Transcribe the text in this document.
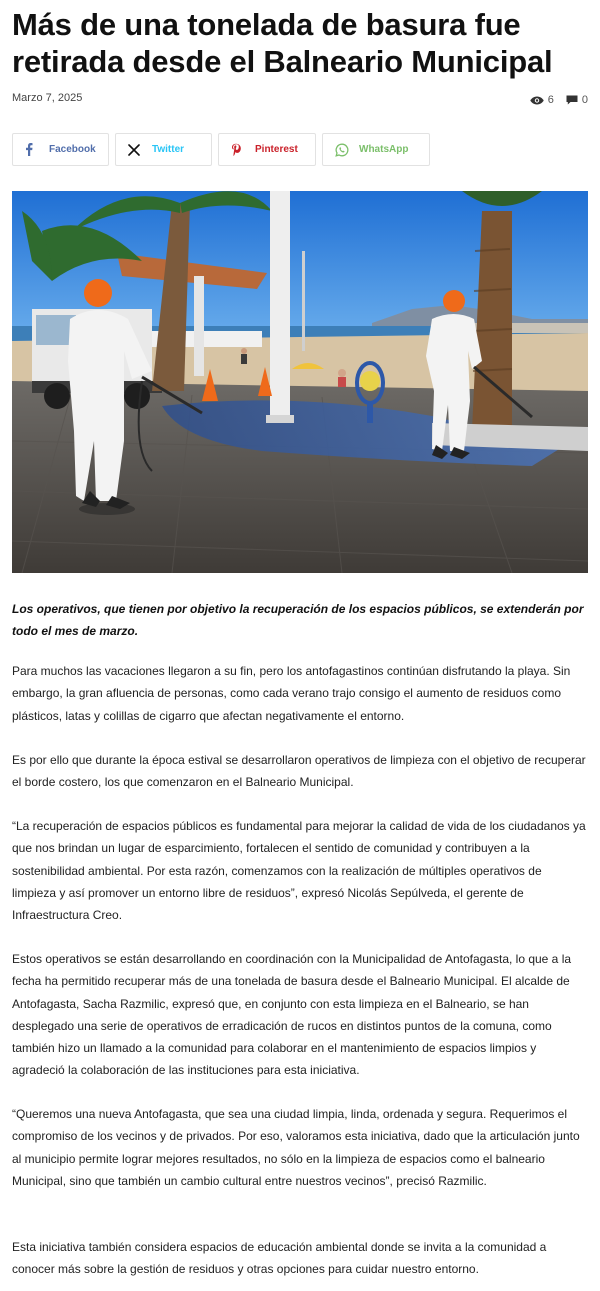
Más de una tonelada de basura fue retirada desde el Balneario Municipal
Marzo 7, 2025	6	0
Facebook	Twitter	Pinterest	WhatsApp

Los operativos, que tienen por objetivo la recuperación de los espacios públicos, se extenderán por todo el mes de marzo.

Para muchos las vacaciones llegaron a su fin, pero los antofagastinos continúan disfrutando la playa. Sin embargo, la gran afluencia de personas, como cada verano trajo consigo el aumento de residuos como plásticos, latas y colillas de cigarro que afectan negativamente el entorno.

Es por ello que durante la época estival se desarrollaron operativos de limpieza con el objetivo de recuperar el borde costero, los que comenzaron en el Balneario Municipal.

“La recuperación de espacios públicos es fundamental para mejorar la calidad de vida de los ciudadanos ya que nos brindan un lugar de esparcimiento, fortalecen el sentido de comunidad y contribuyen a la sostenibilidad ambiental. Por esta razón, comenzamos con la realización de múltiples operativos de limpieza y así promover un entorno libre de residuos”, expresó Nicolás Sepúlveda, el gerente de Infraestructura Creo.

Estos operativos se están desarrollando en coordinación con la Municipalidad de Antofagasta, lo que a la fecha ha permitido recuperar más de una tonelada de basura desde el Balneario Municipal. El alcalde de Antofagasta, Sacha Razmilic, expresó que, en conjunto con esta limpieza en el Balneario, se han desplegado una serie de operativos de erradicación de rucos en distintos puntos de la comuna, como también hizo un llamado a la comunidad para colaborar en el mantenimiento de espacios limpios y agradeció la colaboración de las instituciones para esta iniciativa.

“Queremos una nueva Antofagasta, que sea una ciudad limpia, linda, ordenada y segura. Requerimos el compromiso de los vecinos y de privados. Por eso, valoramos esta iniciativa, dado que la articulación junto al municipio permite lograr mejores resultados, no sólo en la limpieza de espacios como el balneario Municipal, sino que también un cambio cultural entre nuestros vecinos”, precisó Razmilic.

Esta iniciativa también considera espacios de educación ambiental donde se invita a la comunidad a conocer más sobre la gestión de residuos y otras opciones para cuidar nuestro entorno.
